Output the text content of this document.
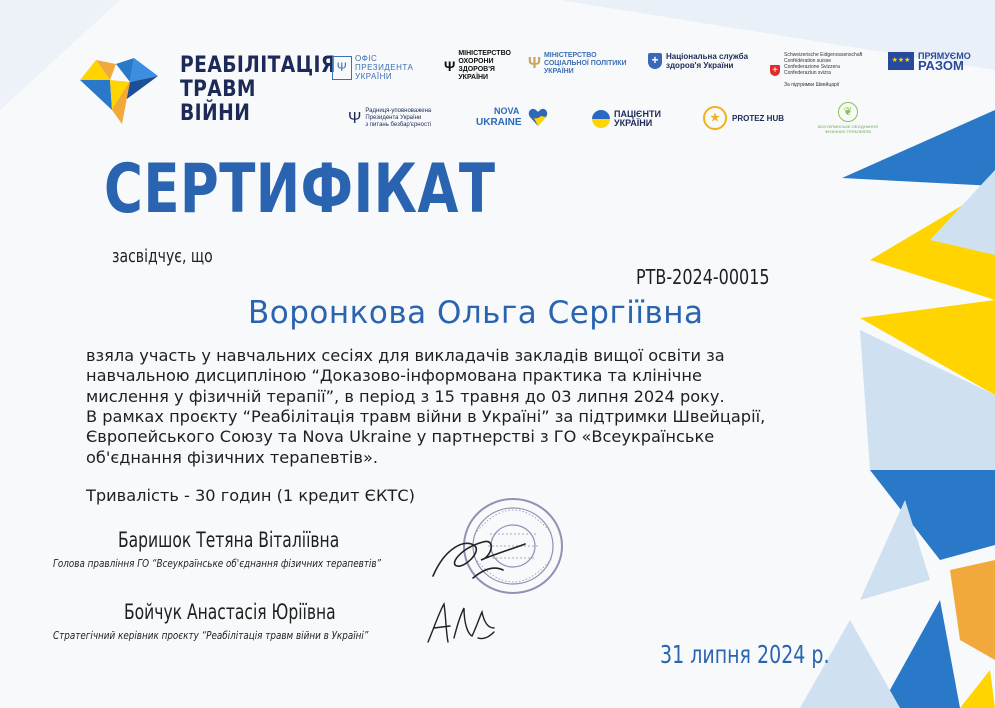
РЕАБІЛІТАЦІЯ
ТРАВМ
ВІЙНИ
Ψ
ОФІС
ПРЕЗИДЕНТА
УКРАЇНИ
Ψ
МІНІСТЕРСТВО
ОХОРОНИ
ЗДОРОВ'Я
УКРАЇНИ
Ψ МІНІСТЕРСТВО
СОЦІАЛЬНОЇ ПОЛІТИКИ
УКРАЇНИ
+ Національна служба
здоров'я України	+
Schweizerische Eidgenossenschaft
Confédération suisse
Confederazione Svizzera
Confederaziun svizra

За підтримки Швейцарії
★★★ ПРЯМУЄМО
РАЗОМ
Ψ Радниця-уповноважена
Президента України
з питань безбар'єрності
NOVA
UKRAINE
ПАЦІЄНТИ
УКРАЇНИ	★	PROTEZ HUB	❦
ВСЕУКРАЇНСЬКЕ ОБ'ЄДНАННЯ
ФІЗИЧНИХ ТЕРАПЕВТІВ
СЕРТИФІКАТ
засвідчує, що
РТВ-2024-00015
Воронкова Ольга Сергіївна
взяла участь у навчальних сесіях для викладачів закладів вищої освіти за
навчальною дисципліною “Доказово-інформована практика та клінічне
мислення у фізичній терапії”, в період з 15 травня до 03 липня 2024 року.
В рамках проєкту “Реабілітація травм війни в Україні” за підтримки Швейцарії,
Європейського Союзу та Nova Ukraine у партнерстві з ГО «Всеукраїнське
об'єднання фізичних терапевтів».
Тривалість - 30 годин (1 кредит ЄКТС)
Баришок Тетяна Віталіївна
Голова правління ГО “Всеукраїнське об'єднання фізичних терапевтів”
Бойчук Анастасія Юріївна
Стратегічний керівник проєкту “Реабілітація травм війни в Україні”
31 липня 2024 р.
